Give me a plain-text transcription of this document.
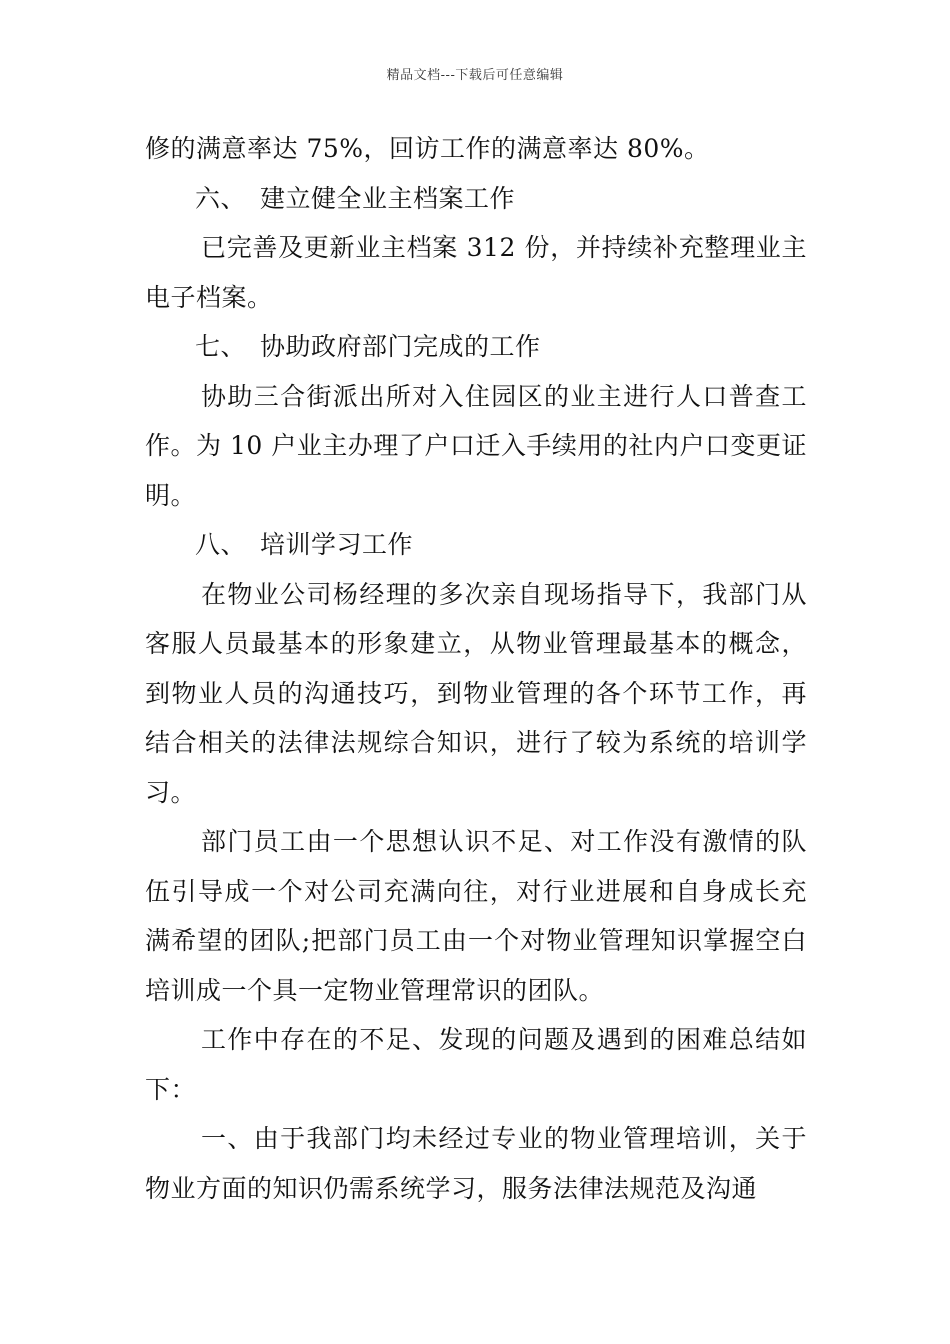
精品文档---下载后可任意编辑

修的满意率达 75%，回访工作的满意率达 80%。

六、 建立健全业主档案工作

已完善及更新业主档案 312 份，并持续补充整理业主电子档案。

七、 协助政府部门完成的工作

协助三合街派出所对入住园区的业主进行人口普查工作。为 10 户业主办理了户口迁入手续用的社内户口变更证明。

八、 培训学习工作

在物业公司杨经理的多次亲自现场指导下，我部门从客服人员最基本的形象建立，从物业管理最基本的概念，到物业人员的沟通技巧，到物业管理的各个环节工作，再结合相关的法律法规综合知识，进行了较为系统的培训学习。

部门员工由一个思想认识不足、对工作没有激情的队伍引导成一个对公司充满向往，对行业进展和自身成长充满希望的团队;把部门员工由一个对物业管理知识掌握空白培训成一个具一定物业管理常识的团队。

工作中存在的不足、发现的问题及遇到的困难总结如下：

一、由于我部门均未经过专业的物业管理培训，关于物业方面的知识仍需系统学习，服务法律法规范及沟通
